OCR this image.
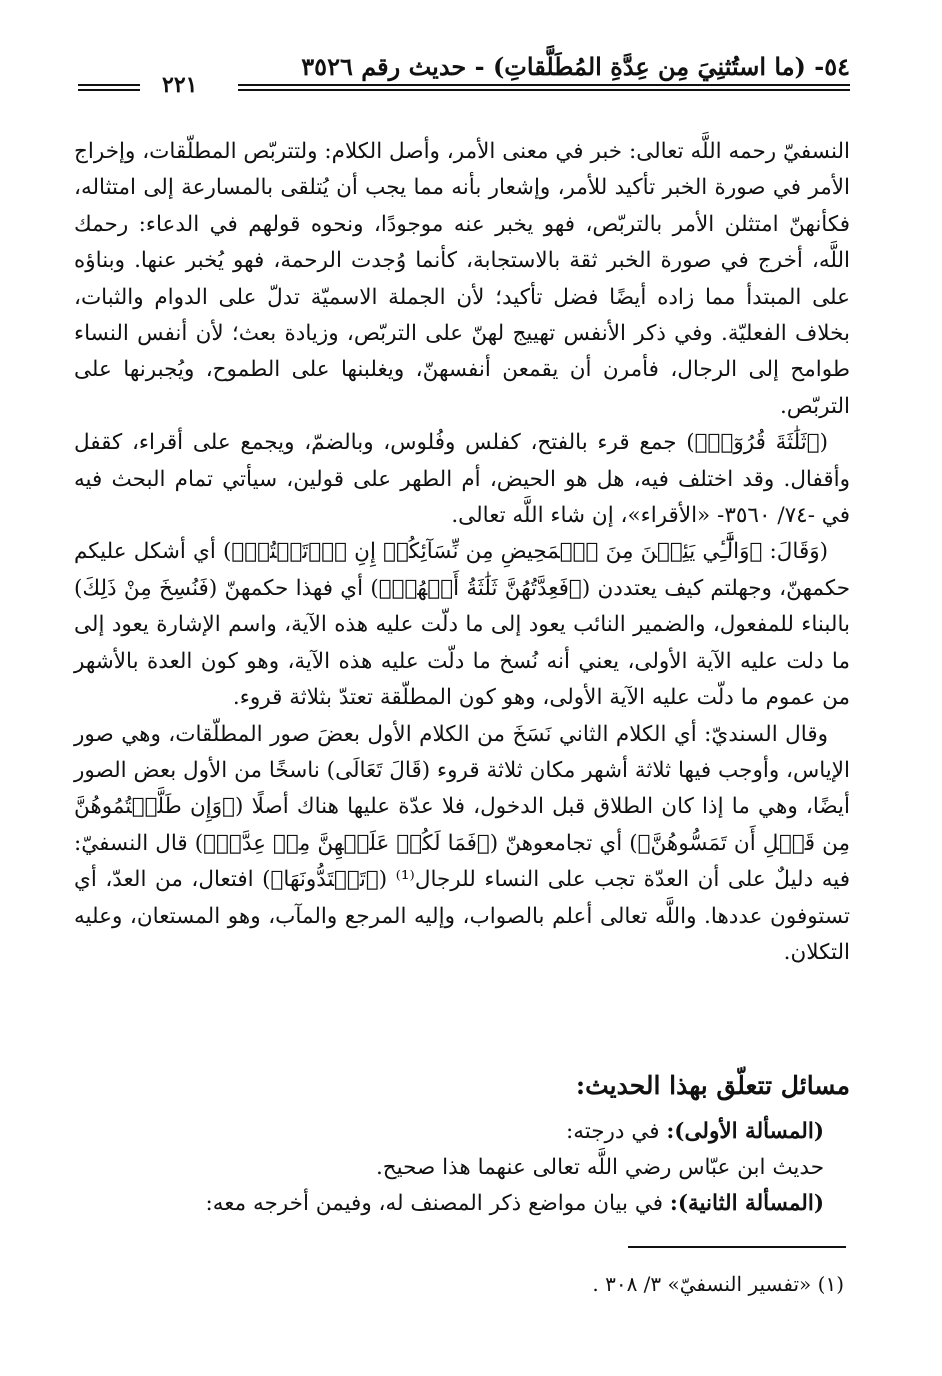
٥٤- (ما استُثنِيَ مِن عِدَّةِ المُطَلَّقاتِ) - حديث رقم ٣٥٢٦
٢٢١

النسفيّ رحمه اللَّه تعالى: خبر في معنى الأمر، وأصل الكلام: ولتتربّص المطلّقات، وإخراج الأمر في صورة الخبر تأكيد للأمر، وإشعار بأنه مما يجب أن يُتلقى بالمسارعة إلى امتثاله، فكأنهنّ امتثلن الأمر بالتربّص، فهو يخبر عنه موجودًا، ونحوه قولهم في الدعاء: رحمك اللَّه، أخرج في صورة الخبر ثقة بالاستجابة، كأنما وُجدت الرحمة، فهو يُخبر عنها. وبناؤه على المبتدأ مما زاده أيضًا فضل تأكيد؛ لأن الجملة الاسميّة تدلّ على الدوام والثبات، بخلاف الفعليّة. وفي ذكر الأنفس تهييج لهنّ على التربّص، وزيادة بعث؛ لأن أنفس النساء طوامح إلى الرجال، فأمرن أن يقمعن أنفسهنّ، ويغلبنها على الطموح، ويُجبرنها على التربّص.

(﴿ثَلَٰثَةَ قُرُوٓءٖ﴾) جمع قرء بالفتح، كفلس وفُلوس، وبالضمّ، ويجمع على أقراء، كقفل وأقفال. وقد اختلف فيه، هل هو الحيض، أم الطهر على قولين، سيأتي تمام البحث فيه في -٧٤/ ٣٥٦٠- «الأقراء»، إن شاء اللَّه تعالى.

(وَقَالَ: ﴿وَالَّٰٓـِٔي يَئِسۡنَ مِنَ ٱلۡمَحِيضِ مِن نِّسَآئِكُمۡ إِنِ ٱرۡتَبۡتُمۡ﴾) أي أشكل عليكم حكمهنّ، وجهلتم كيف يعتددن (﴿فَعِدَّتُهُنَّ ثَلَٰثَةُ أَشۡهُرٖ﴾) أي فهذا حكمهنّ (فَنُسِخَ مِنْ ذَلِكَ) بالبناء للمفعول، والضمير النائب يعود إلى ما دلّت عليه هذه الآية، واسم الإشارة يعود إلى ما دلت عليه الآية الأولى، يعني أنه نُسخ ما دلّت عليه هذه الآية، وهو كون العدة بالأشهر من عموم ما دلّت عليه الآية الأولى، وهو كون المطلّقة تعتدّ بثلاثة قروء.

وقال السنديّ: أي الكلام الثاني نَسَخَ من الكلام الأول بعضَ صور المطلّقات، وهي صور الإياس، وأوجب فيها ثلاثة أشهر مكان ثلاثة قروء (قَالَ تَعَالَى) ناسخًا من الأول بعض الصور أيضًا، وهي ما إذا كان الطلاق قبل الدخول، فلا عدّة عليها هناك أصلًا (﴿وَإِن طَلَّقۡتُمُوهُنَّ مِن قَبۡلِ أَن تَمَسُّوهُنَّ﴾) أي تجامعوهنّ (﴿فَمَا لَكُمۡ عَلَيۡهِنَّ مِنۡ عِدَّةٖ﴾) قال النسفيّ: فيه دليلٌ على أن العدّة تجب على النساء للرجال⁽¹⁾ (﴿تَعۡتَدُّونَهَا﴾) افتعال، من العدّ، أي تستوفون عددها. واللَّه تعالى أعلم بالصواب، وإليه المرجع والمآب، وهو المستعان، وعليه التكلان.

مسائل تتعلّق بهذا الحديث:

(المسألة الأولى): في درجته:

حديث ابن عبّاس رضي اللَّه تعالى عنهما هذا صحيح.

(المسألة الثانية): في بيان مواضع ذكر المصنف له، وفيمن أخرجه معه:

(١) «تفسير النسفيّ» ٣/ ٣٠٨ .
